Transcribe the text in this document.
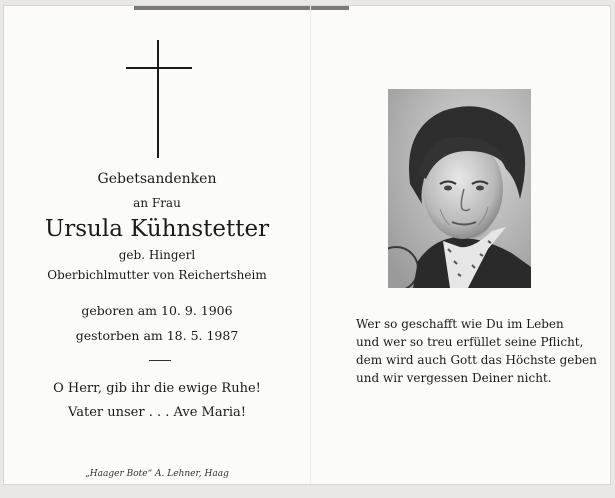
Gebetsandenken
an Frau
Ursula Kühnstetter
geb. Hingerl
Oberbichlmutter von Reichertsheim
geboren am 10. 9. 1906
gestorben am 18. 5. 1987
O Herr, gib ihr die ewige Ruhe!
Vater unser . . . Ave Maria!
„Haager Bote“ A. Lehner, Haag
Wer so geschafft wie Du im Leben
und wer so treu erfüllet seine Pflicht,
dem wird auch Gott das Höchste geben
und wir vergessen Deiner nicht.
